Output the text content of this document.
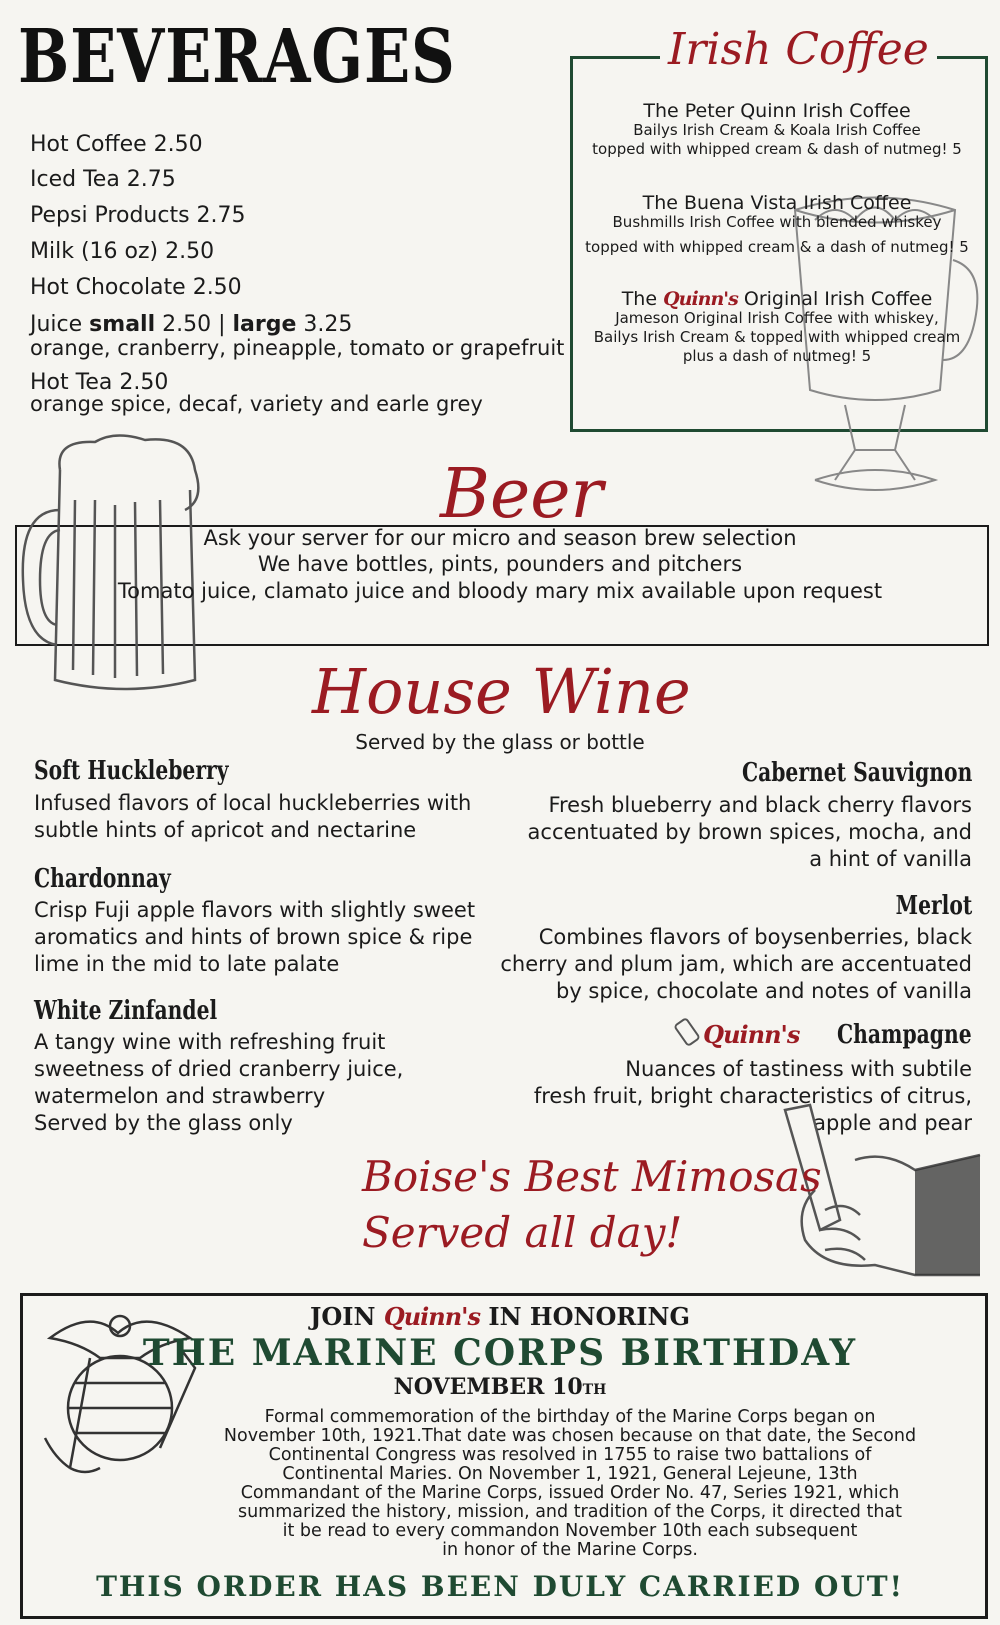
BEVERAGES
Hot Coffee 2.50
Iced Tea 2.75
Pepsi Products 2.75
Milk (16 oz) 2.50
Hot Chocolate 2.50
Juice small 2.50 | large 3.25
orange, cranberry, pineapple, tomato or grapefruit
Hot Tea 2.50
orange spice, decaf, variety and earle grey
Irish Coffee
The Peter Quinn Irish Coffee
Bailys Irish Cream & Koala Irish Coffee
topped with whipped cream & dash of nutmeg! 5
The Buena Vista Irish Coffee
Bushmills Irish Coffee with blended whiskey
topped with whipped cream & a dash of nutmeg! 5
The Quinn's Original Irish Coffee
Jameson Original Irish Coffee with whiskey,
Bailys Irish Cream & topped with whipped cream
plus a dash of nutmeg! 5
Beer
Ask your server for our micro and season brew selection
We have bottles, pints, pounders and pitchers
Tomato juice, clamato juice and bloody mary mix available upon request
House Wine
Served by the glass or bottle
Soft Huckleberry
Infused flavors of local huckleberries with
subtle hints of apricot and nectarine
Chardonnay
Crisp Fuji apple flavors with slightly sweet
aromatics and hints of brown spice & ripe
lime in the mid to late palate
White Zinfandel
A tangy wine with refreshing fruit
sweetness of dried cranberry juice,
watermelon and strawberry
Served by the glass only
Cabernet Sauvignon
Fresh blueberry and black cherry flavors
accentuated by brown spices, mocha, and
a hint of vanilla
Merlot
Combines flavors of boysenberries, black
cherry and plum jam, which are accentuated
by spice, chocolate and notes of vanilla
Quinn'sChampagne
Nuances of tastiness with subtile
fresh fruit, bright characteristics of citrus,
apple and pear
Boise's Best Mimosas
Served all day!
JOIN Quinn's IN HONORING
THE MARINE CORPS BIRTHDAY
NOVEMBER 10TH
Formal commemoration of the birthday of the Marine Corps began on
November 10th, 1921.That date was chosen because on that date, the Second
Continental Congress was resolved in 1755 to raise two battalions of
Continental Maries. On November 1, 1921, General Lejeune, 13th
Commandant of the Marine Corps, issued Order No. 47, Series 1921, which
summarized the history, mission, and tradition of the Corps, it directed that
it be read to every commandon November 10th each subsequent
in honor of the Marine Corps.
THIS ORDER HAS BEEN DULY CARRIED OUT!
